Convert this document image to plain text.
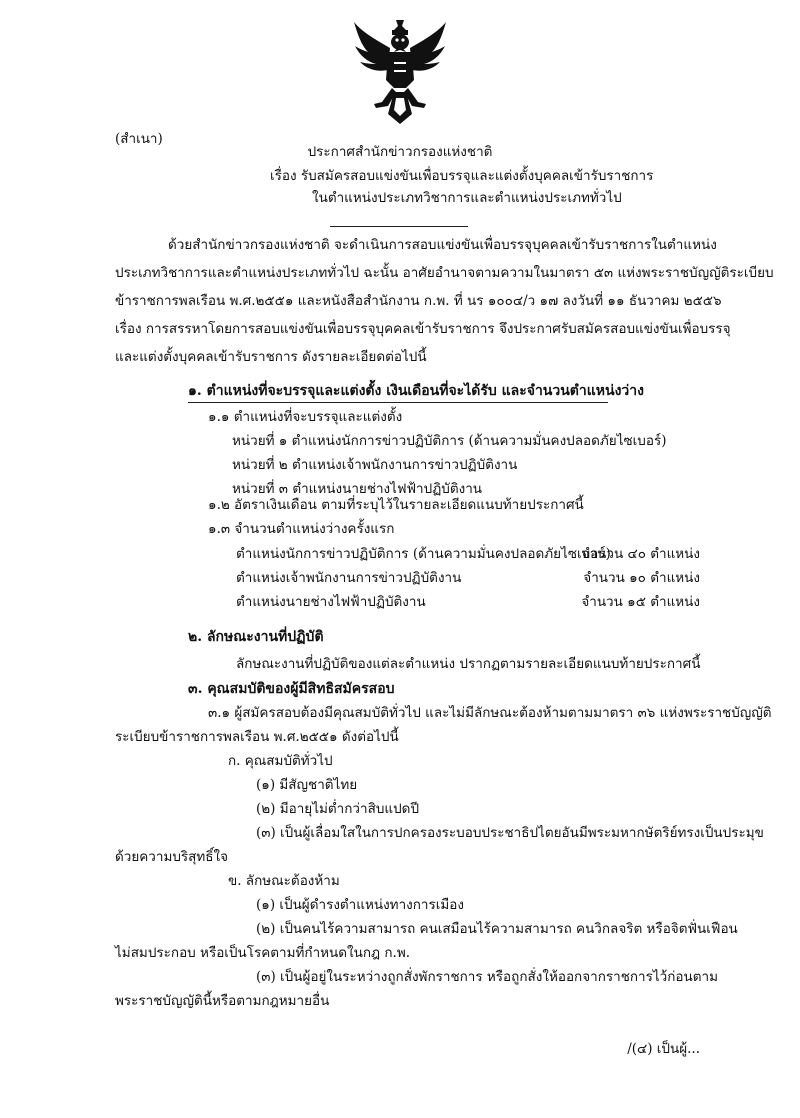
(สำเนา)
ประกาศสำนักข่าวกรองแห่งชาติ
เรื่อง รับสมัครสอบแข่งขันเพื่อบรรจุและแต่งตั้งบุคคลเข้ารับราชการ
ในตำแหน่งประเภทวิชาการและตำแหน่งประเภททั่วไป
ด้วยสำนักข่าวกรองแห่งชาติ จะดำเนินการสอบแข่งขันเพื่อบรรจุบุคคลเข้ารับราชการในตำแหน่ง
ประเภทวิชาการและตำแหน่งประเภททั่วไป ฉะนั้น อาศัยอำนาจตามความในมาตรา ๕๓ แห่งพระราชบัญญัติระเบียบ
ข้าราชการพลเรือน พ.ศ.๒๕๕๑ และหนังสือสำนักงาน ก.พ. ที่ นร ๑๐๐๔/ว ๑๗ ลงวันที่ ๑๑ ธันวาคม ๒๕๕๖
เรื่อง การสรรหาโดยการสอบแข่งขันเพื่อบรรจุบุคคลเข้ารับราชการ จึงประกาศรับสมัครสอบแข่งขันเพื่อบรรจุ
และแต่งตั้งบุคคลเข้ารับราชการ ดังรายละเอียดต่อไปนี้
๑. ตำแหน่งที่จะบรรจุและแต่งตั้ง เงินเดือนที่จะได้รับ และจำนวนตำแหน่งว่าง
๑.๑ ตำแหน่งที่จะบรรจุและแต่งตั้ง
หน่วยที่ ๑ ตำแหน่งนักการข่าวปฏิบัติการ (ด้านความมั่นคงปลอดภัยไซเบอร์)
หน่วยที่ ๒ ตำแหน่งเจ้าพนักงานการข่าวปฏิบัติงาน
หน่วยที่ ๓ ตำแหน่งนายช่างไฟฟ้าปฏิบัติงาน
๑.๒ อัตราเงินเดือน ตามที่ระบุไว้ในรายละเอียดแนบท้ายประกาศนี้
๑.๓ จำนวนตำแหน่งว่างครั้งแรก
ตำแหน่งนักการข่าวปฏิบัติการ (ด้านความมั่นคงปลอดภัยไซเบอร์)
จำนวน ๔๐ ตำแหน่ง
ตำแหน่งเจ้าพนักงานการข่าวปฏิบัติงาน	จำนวน ๑๐ ตำแหน่ง
ตำแหน่งนายช่างไฟฟ้าปฏิบัติงาน	จำนวน ๑๕ ตำแหน่ง
๒. ลักษณะงานที่ปฏิบัติ
ลักษณะงานที่ปฏิบัติของแต่ละตำแหน่ง ปรากฏตามรายละเอียดแนบท้ายประกาศนี้
๓. คุณสมบัติของผู้มีสิทธิสมัครสอบ
๓.๑ ผู้สมัครสอบต้องมีคุณสมบัติทั่วไป และไม่มีลักษณะต้องห้ามตามมาตรา ๓๖ แห่งพระราชบัญญัติ
ระเบียบข้าราชการพลเรือน พ.ศ.๒๕๕๑ ดังต่อไปนี้
ก. คุณสมบัติทั่วไป
(๑) มีสัญชาติไทย
(๒) มีอายุไม่ต่ำกว่าสิบแปดปี
(๓) เป็นผู้เลื่อมใสในการปกครองระบอบประชาธิปไตยอันมีพระมหากษัตริย์ทรงเป็นประมุข
ด้วยความบริสุทธิ์ใจ
ข. ลักษณะต้องห้าม
(๑) เป็นผู้ดำรงตำแหน่งทางการเมือง
(๒) เป็นคนไร้ความสามารถ คนเสมือนไร้ความสามารถ คนวิกลจริต หรือจิตฟั่นเฟือน
ไม่สมประกอบ หรือเป็นโรคตามที่กำหนดในกฎ ก.พ.
(๓) เป็นผู้อยู่ในระหว่างถูกสั่งพักราชการ หรือถูกสั่งให้ออกจากราชการไว้ก่อนตาม
พระราชบัญญัตินี้หรือตามกฎหมายอื่น
/(๔) เป็นผู้...
